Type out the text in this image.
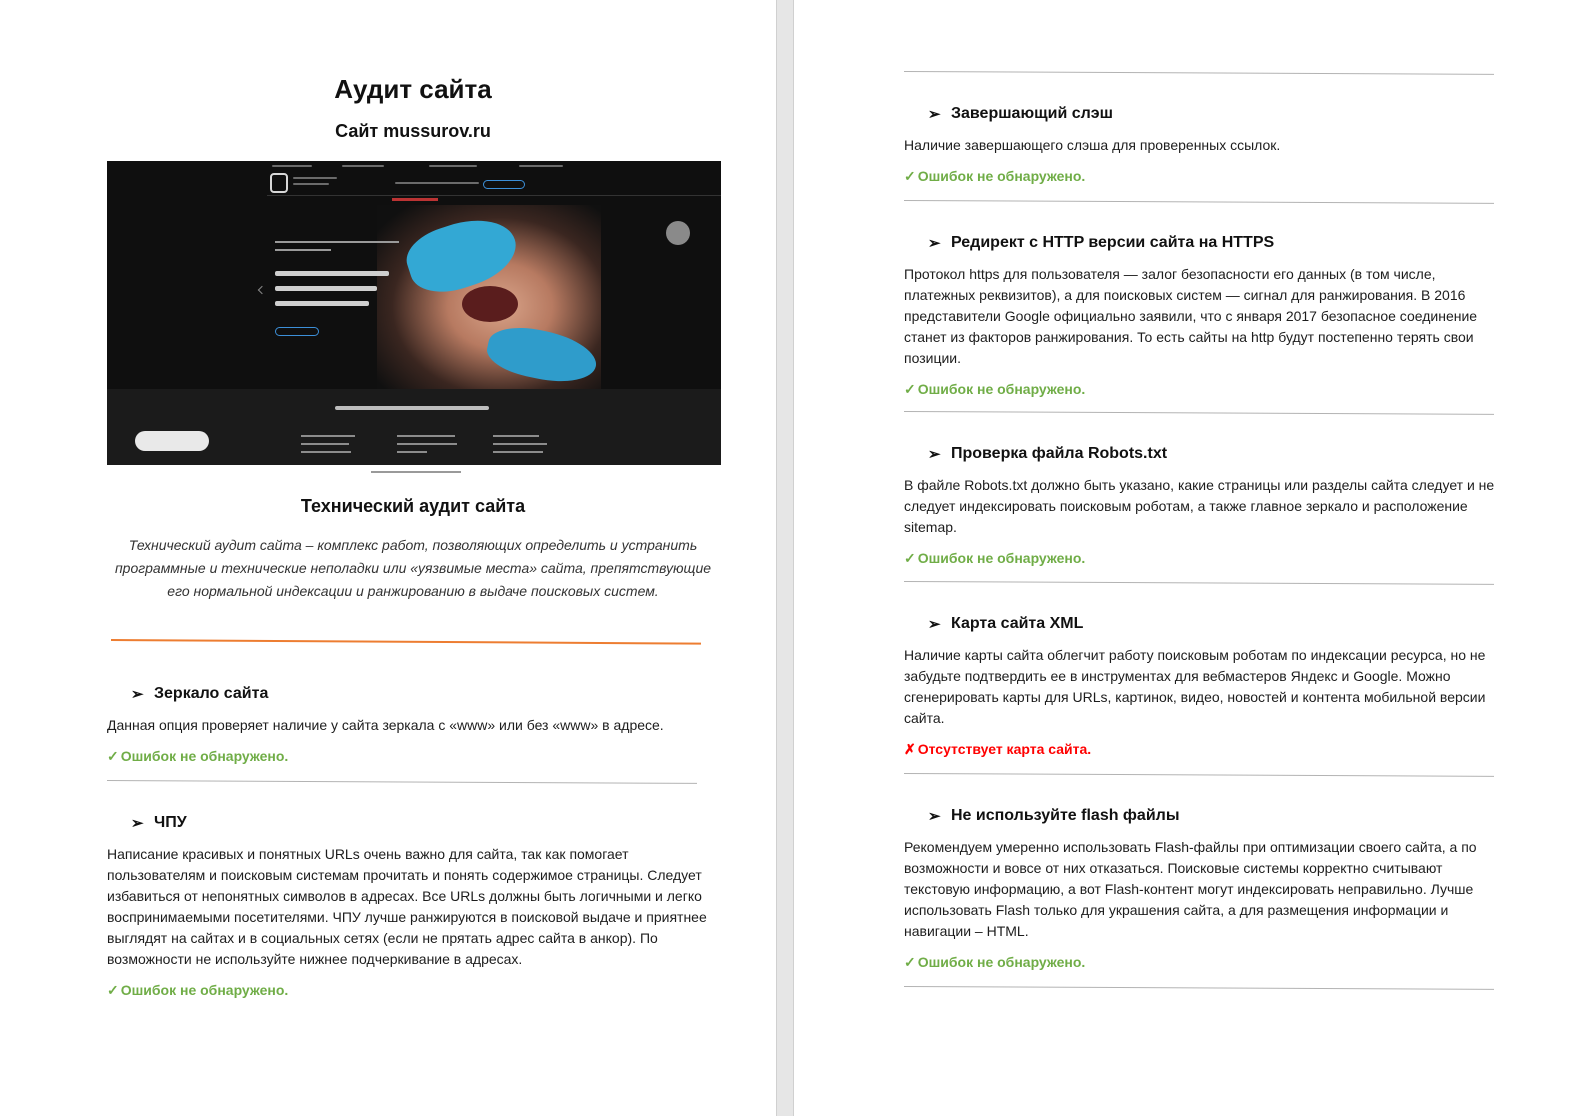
Аудит сайта
Сайт mussurov.ru
Технический аудит сайта
Технический аудит сайта – комплекс работ, позволяющих определить и устранить программные и технические неполадки или «уязвимые места» сайта, препятствующие его нормальной индексации и ранжированию в выдаче поисковых систем.
➢ Зеркало сайта
Данная опция проверяет наличие у сайта зеркала с «www» или без «www» в адресе.
✓ Ошибок не обнаружено.
➢ ЧПУ
Написание красивых и понятных URLs очень важно для сайта, так как помогает пользователям и поисковым системам прочитать и понять содержимое страницы. Следует избавиться от непонятных символов в адресах. Все URLs должны быть логичными и легко воспринимаемыми посетителями. ЧПУ лучше ранжируются в поисковой выдаче и приятнее выглядят на сайтах и в социальных сетях (если не прятать адрес сайта в анкор). По возможности не используйте нижнее подчеркивание в адресах.
✓ Ошибок не обнаружено.
➢ Завершающий слэш
Наличие завершающего слэша для проверенных ссылок.
✓ Ошибок не обнаружено.
➢ Редирект с HTTP версии сайта на HTTPS
Протокол https для пользователя — залог безопасности его данных (в том числе, платежных реквизитов), а для поисковых систем — сигнал для ранжирования. В 2016 представители Google официально заявили, что с января 2017 безопасное соединение станет из факторов ранжирования. То есть сайты на http будут постепенно терять свои позиции.
✓ Ошибок не обнаружено.
➢ Проверка файла Robots.txt
В файле Robots.txt должно быть указано, какие страницы или разделы сайта следует и не следует индексировать поисковым роботам, а также главное зеркало и расположение sitemap.
✓ Ошибок не обнаружено.
➢ Карта сайта XML
Наличие карты сайта облегчит работу поисковым роботам по индексации ресурса, но не забудьте подтвердить ее в инструментах для вебмастеров Яндекс и Google. Можно сгенерировать карты для URLs, картинок, видео, новостей и контента мобильной версии сайта.
✗ Отсутствует карта сайта.
➢ Не используйте flash файлы
Рекомендуем умеренно использовать Flash-файлы при оптимизации своего сайта, а по возможности и вовсе от них отказаться. Поисковые системы корректно считывают текстовую информацию, а вот Flash-контент могут индексировать неправильно. Лучше использовать Flash только для украшения сайта, а для размещения информации и навигации – HTML.
✓ Ошибок не обнаружено.
